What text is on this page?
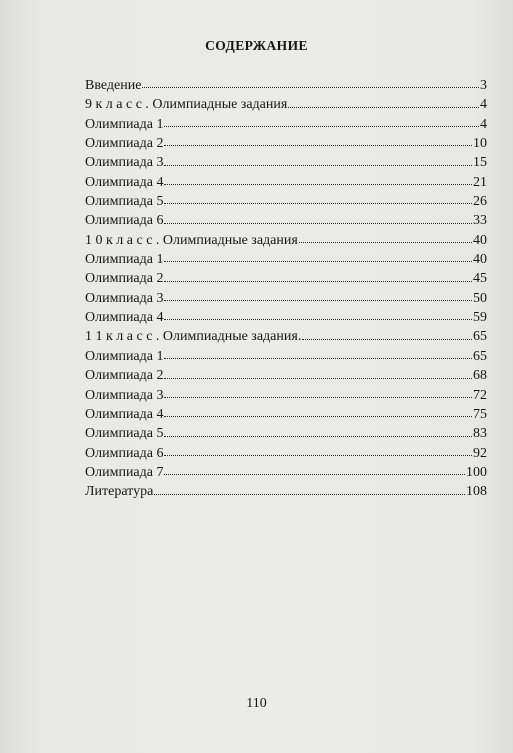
СОДЕРЖАНИЕ
Введение	3
9 к л а с с . Олимпиадные задания	4
Олимпиада 1	4
Олимпиада 2	10
Олимпиада 3	15
Олимпиада 4	21
Олимпиада 5	26
Олимпиада 6	33
1 0 к л а с с . Олимпиадные задания	40
Олимпиада 1	40
Олимпиада 2	45
Олимпиада 3	50
Олимпиада 4	59
1 1 к л а с с . Олимпиадные задания.	65
Олимпиада 1	65
Олимпиада 2	68
Олимпиада 3	72
Олимпиада 4	75
Олимпиада 5	83
Олимпиада 6	92
Олимпиада 7	100
Литература	108
110
